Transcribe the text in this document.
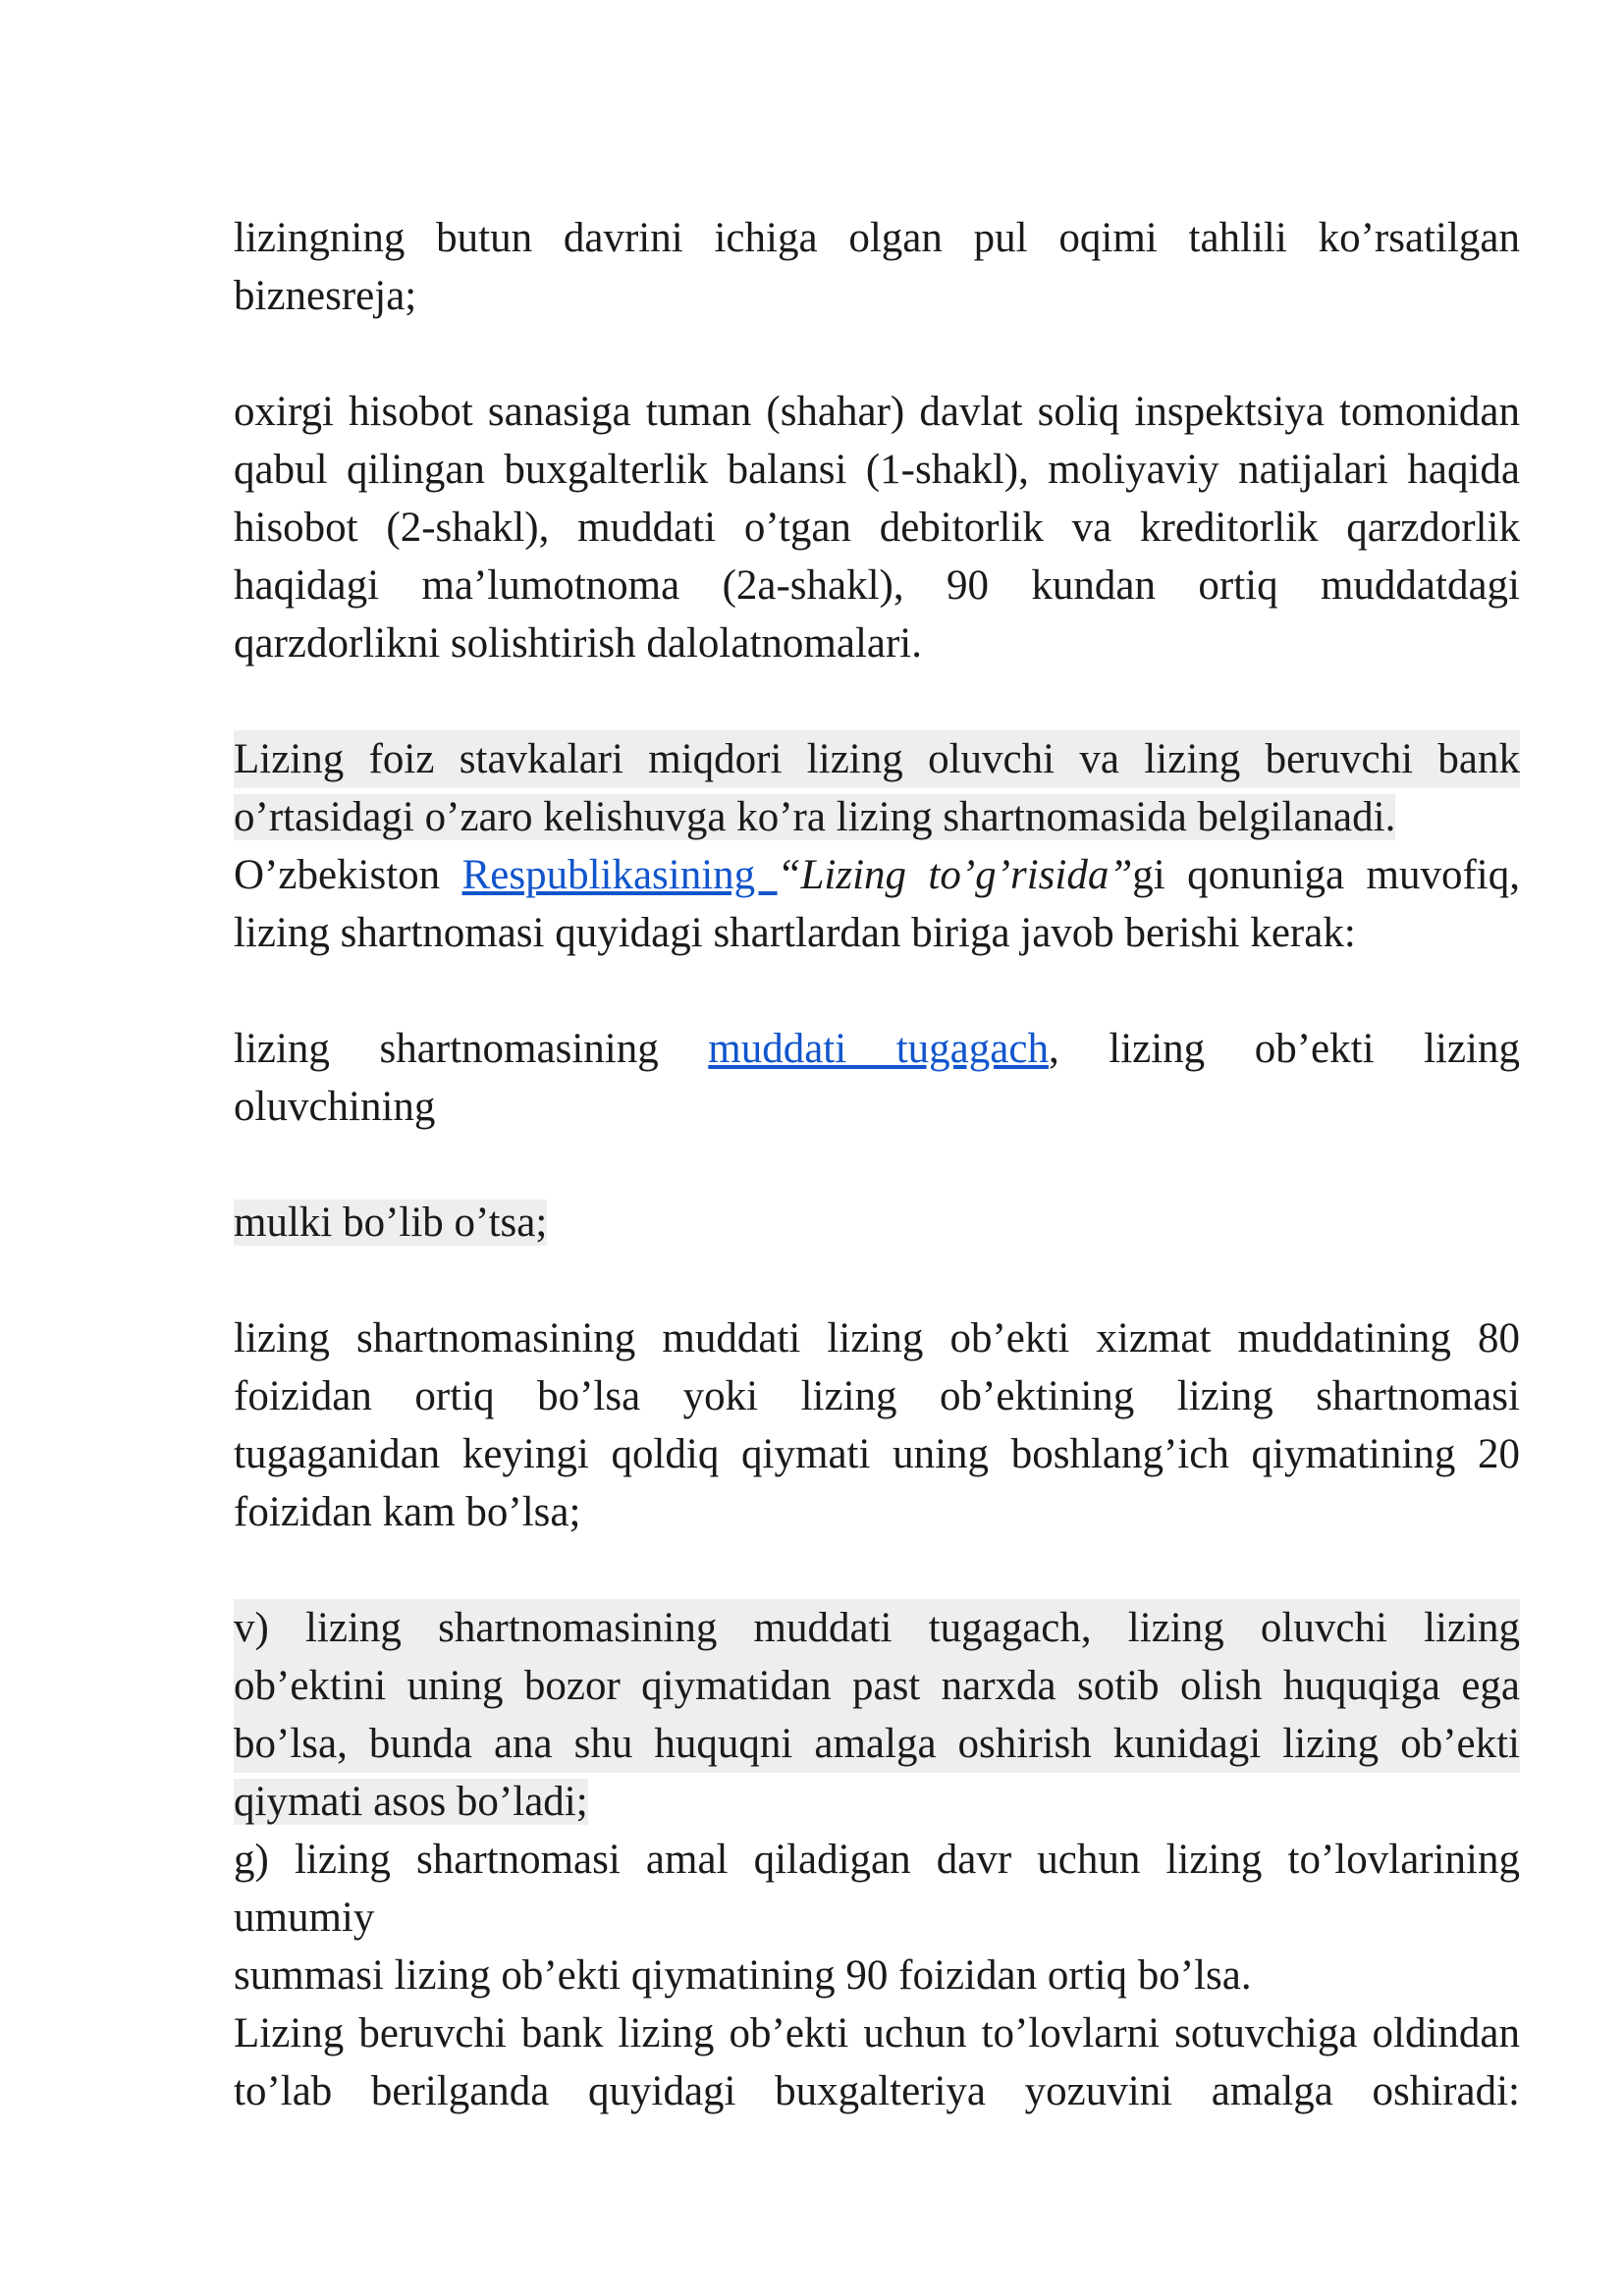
lizingning butun davrini ichiga olgan pul oqimi tahlili ko’rsatilgan
biznesreja;
oxirgi hisobot sanasiga tuman (shahar) davlat soliq inspektsiya tomonidan
qabul qilingan buxgalterlik balansi (1-shakl), moliyaviy natijalari haqida
hisobot (2-shakl), muddati o’tgan debitorlik va kreditorlik qarzdorlik
haqidagi ma’lumotnoma (2a-shakl), 90 kundan ortiq muddatdagi
qarzdorlikni solishtirish dalolatnomalari.
Lizing foiz stavkalari miqdori lizing oluvchi va lizing beruvchi bank
o’rtasidagi o’zaro kelishuvga ko’ra lizing shartnomasida belgilanadi.
O’zbekiston Respublikasining “Lizing to’g’risida”gi qonuniga muvofiq,
lizing shartnomasi quyidagi shartlardan biriga javob berishi kerak:
lizing shartnomasining muddati tugagach, lizing ob’ekti lizing
oluvchining
mulki bo’lib o’tsa;
lizing shartnomasining muddati lizing ob’ekti xizmat muddatining 80
foizidan ortiq bo’lsa yoki lizing ob’ektining lizing shartnomasi
tugaganidan keyingi qoldiq qiymati uning boshlang’ich qiymatining 20
foizidan kam bo’lsa;
v) lizing shartnomasining muddati tugagach, lizing oluvchi lizing
ob’ektini uning bozor qiymatidan past narxda sotib olish huquqiga ega
bo’lsa, bunda ana shu huquqni amalga oshirish kunidagi lizing ob’ekti
qiymati asos bo’ladi;
g) lizing shartnomasi amal qiladigan davr uchun lizing to’lovlarining
umumiy
summasi lizing ob’ekti qiymatining 90 foizidan ortiq bo’lsa.
Lizing beruvchi bank lizing ob’ekti uchun to’lovlarni sotuvchiga oldindan
to’lab berilganda quyidagi buxgalteriya yozuvini amalga oshiradi:
